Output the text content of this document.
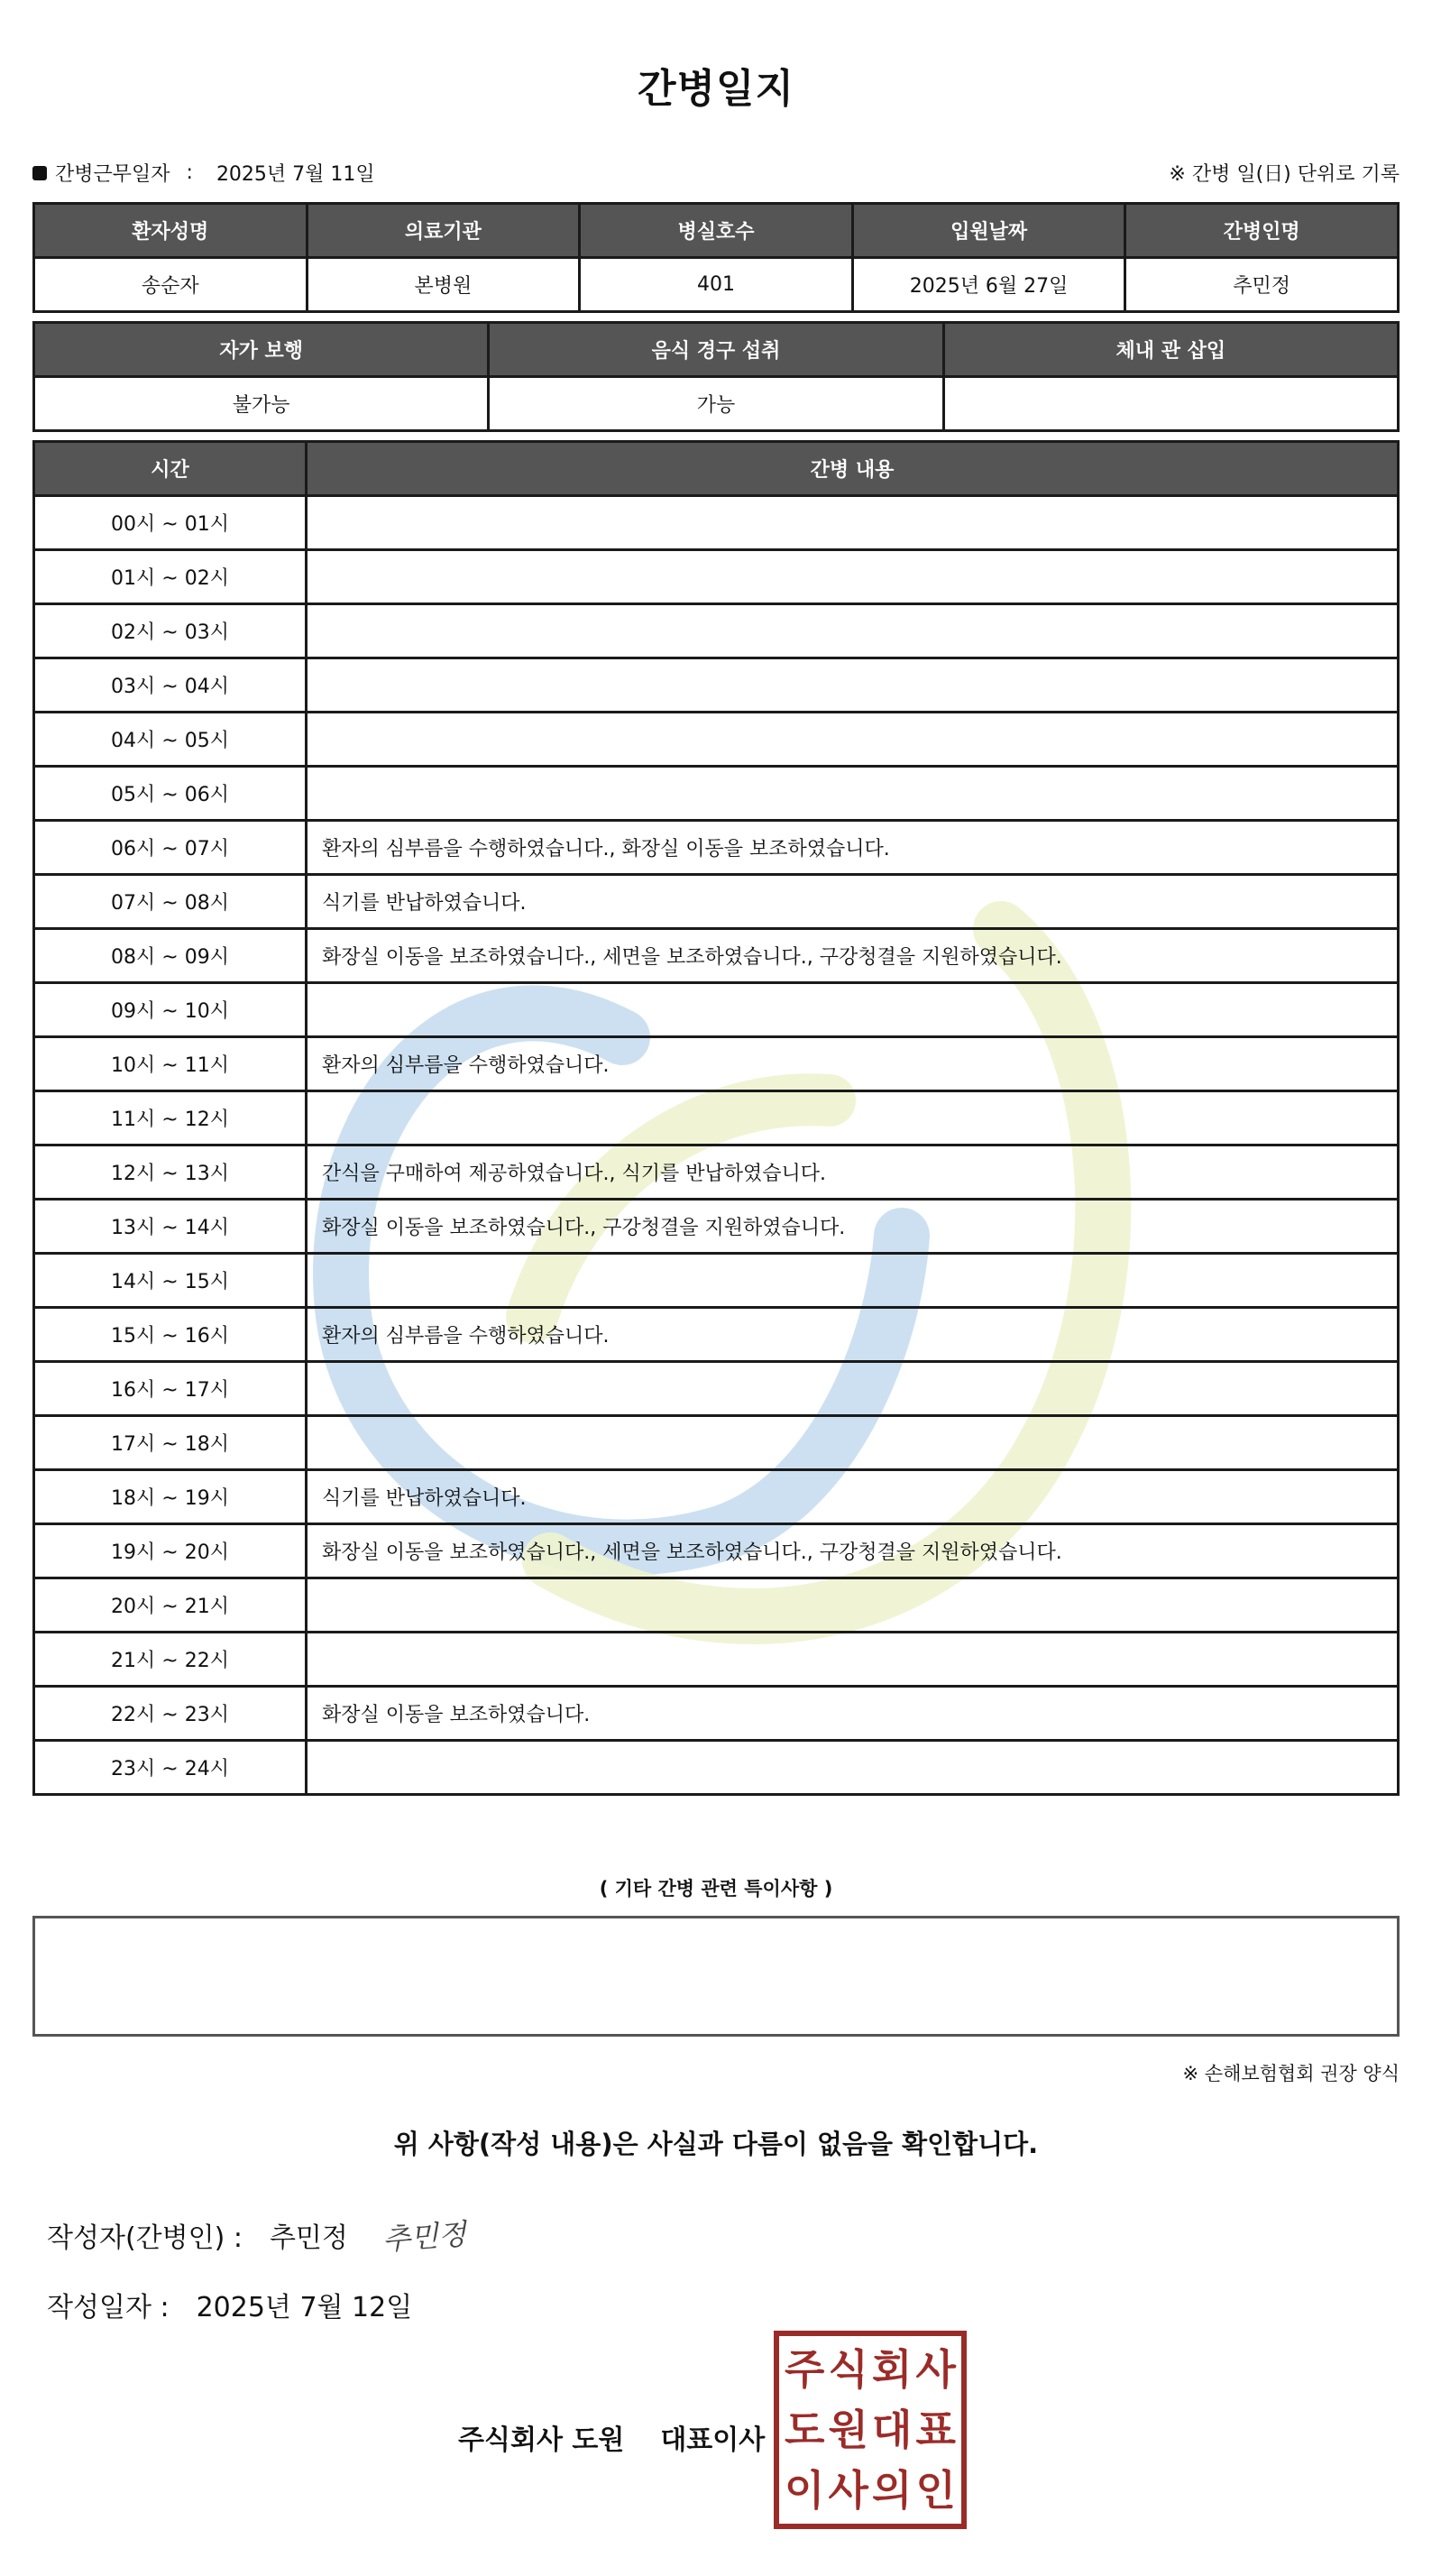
간병일지
간병근무일자 : 2025년 7월 11일	※ 간병 일(日) 단위로 기록
환자성명	의료기관	병실호수	입원날짜	간병인명
송순자	본병원	401	2025년 6월 27일	추민정
자가 보행	음식 경구 섭취	체내 관 삽입
불가능	가능	
시간	간병 내용
00시 ~ 01시	
01시 ~ 02시	
02시 ~ 03시	
03시 ~ 04시	
04시 ~ 05시	
05시 ~ 06시	
06시 ~ 07시	환자의 심부름을 수행하였습니다., 화장실 이동을 보조하였습니다.
07시 ~ 08시	식기를 반납하였습니다.
08시 ~ 09시	화장실 이동을 보조하였습니다., 세면을 보조하였습니다., 구강청결을 지원하였습니다.
09시 ~ 10시	
10시 ~ 11시	환자의 심부름을 수행하였습니다.
11시 ~ 12시	
12시 ~ 13시	간식을 구매하여 제공하였습니다., 식기를 반납하였습니다.
13시 ~ 14시	화장실 이동을 보조하였습니다., 구강청결을 지원하였습니다.
14시 ~ 15시	
15시 ~ 16시	환자의 심부름을 수행하였습니다.
16시 ~ 17시	
17시 ~ 18시	
18시 ~ 19시	식기를 반납하였습니다.
19시 ~ 20시	화장실 이동을 보조하였습니다., 세면을 보조하였습니다., 구강청결을 지원하였습니다.
20시 ~ 21시	
21시 ~ 22시	
22시 ~ 23시	화장실 이동을 보조하였습니다.
23시 ~ 24시	
( 기타 간병 관련 특이사항 )
※ 손해보험협회 권장 양식
위 사항(작성 내용)은 사실과 다름이 없음을 확인합니다.
작성자(간병인) : 추민정 추민정
작성일자 : 2025년 7월 12일
주식회사 도원 대표이사
주 식 회 사
도 원 대 표
이 사 의 인
